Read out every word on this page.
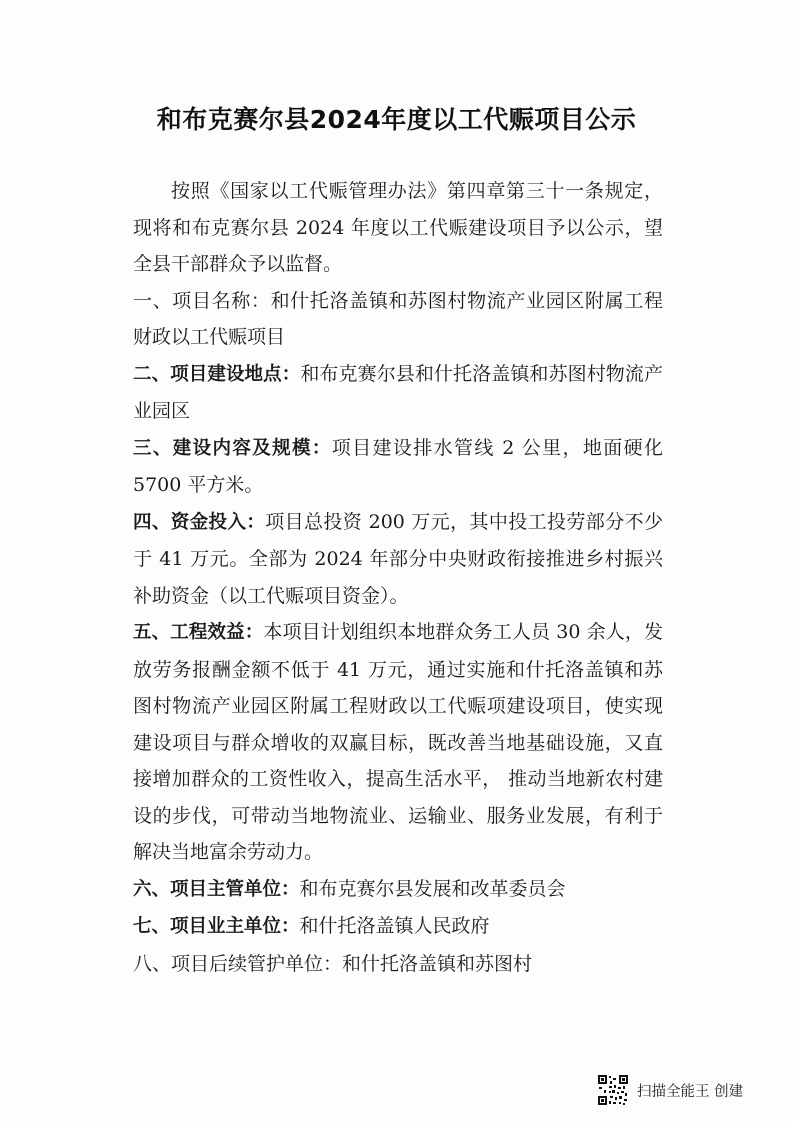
和布克赛尔县2024年度以工代赈项目公示

按照《国家以工代赈管理办法》第四章第三十一条规定，现将和布克赛尔县 2024 年度以工代赈建设项目予以公示，望全县干部群众予以监督。

一、项目名称：和什托洛盖镇和苏图村物流产业园区附属工程财政以工代赈项目

二、项目建设地点：和布克赛尔县和什托洛盖镇和苏图村物流产业园区

三、建设内容及规模：项目建设排水管线 2 公里，地面硬化 5700 平方米。

四、资金投入：项目总投资 200 万元，其中投工投劳部分不少于 41 万元。全部为 2024 年部分中央财政衔接推进乡村振兴补助资金（以工代赈项目资金）。

五、工程效益：本项目计划组织本地群众务工人员 30 余人，发放劳务报酬金额不低于 41 万元，通过实施和什托洛盖镇和苏图村物流产业园区附属工程财政以工代赈项建设项目，使实现建设项目与群众增收的双赢目标，既改善当地基础设施，又直接增加群众的工资性收入，提高生活水平， 推动当地新农村建设的步伐，可带动当地物流业、运输业、服务业发展，有利于解决当地富余劳动力。

六、项目主管单位：和布克赛尔县发展和改革委员会

七、项目业主单位：和什托洛盖镇人民政府

八、项目后续管护单位：和什托洛盖镇和苏图村

扫描全能王 创建
